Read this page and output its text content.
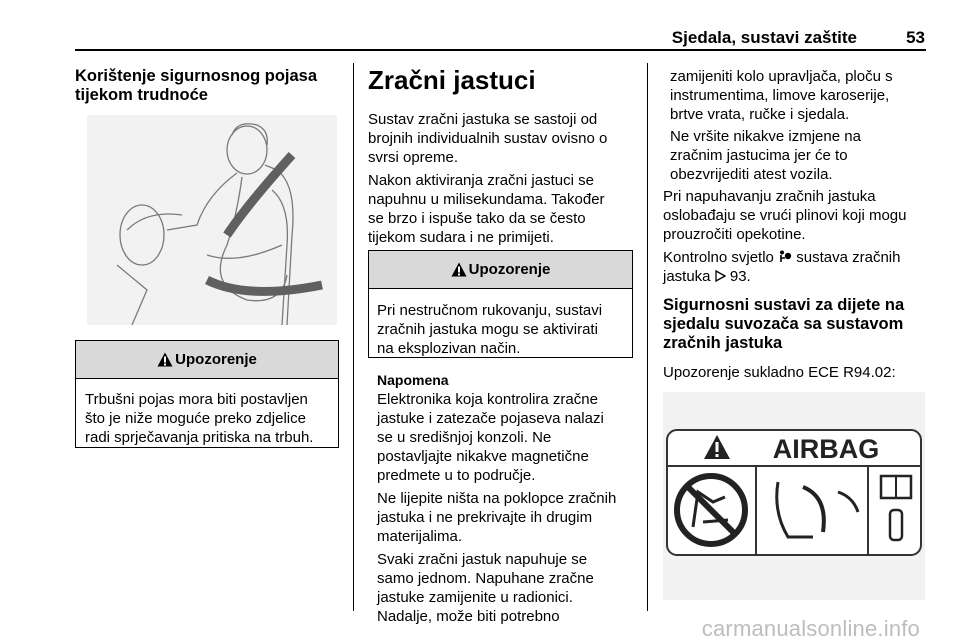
Sjedala, sustavi zaštite	53
Korištenje sigurnosnog pojasa
tijekom trudnoće
Upozorenje

Trbušni pojas mora biti postavljen

što je niže moguće preko zdjelice

radi sprječavanja pritiska na trbuh.

Zračni jastuci

Sustav zračni jastuka se sastoji od

brojnih individualnih sustav ovisno o

svrsi opreme.

Nakon aktiviranja zračni jastuci se

napuhnu u milisekundama. Također

se brzo i ispuše tako da se često

tijekom sudara i ne primijeti.

Upozorenje

Pri nestručnom rukovanju, sustavi

zračnih jastuka mogu se aktivirati

na eksplozivan način.

Napomena

Elektronika koja kontrolira zračne

jastuke i zatezače pojaseva nalazi

se u središnjoj konzoli. Ne

postavljajte nikakve magnetične

predmete u to područje.

Ne lijepite ništa na poklopce zračnih

jastuka i ne prekrivajte ih drugim

materijalima.

Svaki zračni jastuk napuhuje se

samo jednom. Napuhane zračne

jastuke zamijenite u radionici.

Nadalje, može biti potrebno

zamijeniti kolo upravljača, ploču s

instrumentima, limove karoserije,

brtve vrata, ručke i sjedala.

Ne vršite nikakve izmjene na

zračnim jastucima jer će to

obezvrijediti atest vozila.

Pri napuhavanju zračnih jastuka

oslobađaju se vrući plinovi koji mogu

prouzročiti opekotine.

Kontrolno svjetlo  sustava zračnih

jastuka 93.

Sigurnosni sustavi za dijete na
sjedalu suvozača sa sustavom
zračnih jastuka

Upozorenje sukladno ECE R94.02:

AIRBAG
carmanualsonline.info
